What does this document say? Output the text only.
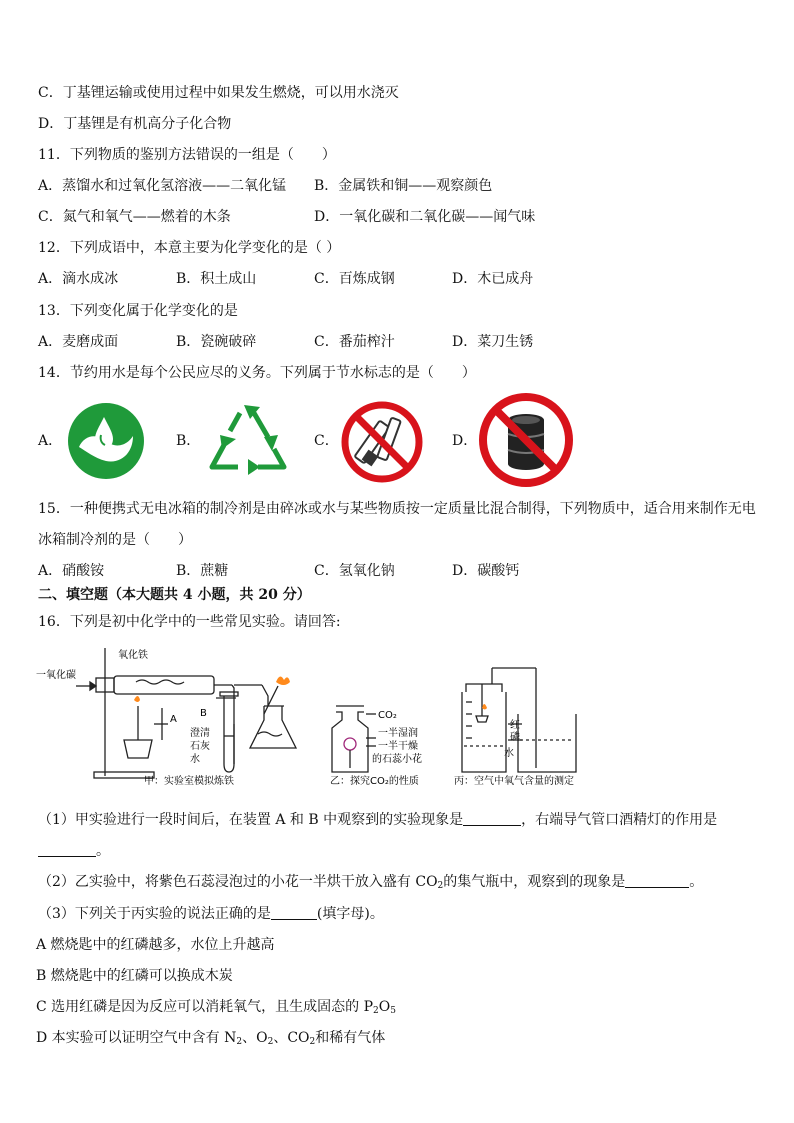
C．丁基锂运输或使用过程中如果发生燃烧，可以用水浇灭
D．丁基锂是有机高分子化合物
11．下列物质的鉴别方法错误的一组是（　　）
A．蒸馏水和过氧化氢溶液——二氧化锰 B．金属铁和铜——观察颜色
C．氮气和氧气——燃着的木条	D．一氧化碳和二氧化碳——闻气味
12．下列成语中，本意主要为化学变化的是（ ）
A．滴水成冰	B．积土成山	C．百炼成钢	D．木已成舟
13．下列变化属于化学变化的是
A．麦磨成面	B．瓷碗破碎	C．番茄榨汁	D．菜刀生锈
14．节约用水是每个公民应尽的义务。下列属于节水标志的是（　　）
A．	B．	C．	D．
15．一种便携式无电冰箱的制冷剂是由碎冰或水与某些物质按一定质量比混合制得，下列物质中，适合用来制作无电
冰箱制冷剂的是（　　）
A．硝酸铵	B．蔗糖	C．氢氧化钠	D．碳酸钙
二、填空题（本大题共 4 小题，共 20 分）
16．下列是初中化学中的一些常见实验。请回答:
一氧化碳
氧化铁
A
B
澄清
石灰
水
CO₂
一半湿润
一半干燥
的石蕊小花
红
磷
水
甲：实验室模拟炼铁	乙：探究CO₂的性质	丙：空气中氧气含量的测定
（1）甲实验进行一段时间后，在装置 A 和 B 中观察到的实验现象是	，右端导气管口酒精灯的作用是
。
（2）乙实验中，将紫色石蕊浸泡过的小花一半烘干放入盛有 $CO_2$的集气瓶中，观察到的现象是	。
（3）下列关于丙实验的说法正确的是	(填字母)。
A 燃烧匙中的红磷越多，水位上升越高
B 燃烧匙中的红磷可以换成木炭
C 选用红磷是因为反应可以消耗氧气，且生成固态的 $P_2O_5$
D 本实验可以证明空气中含有 $N_2$、$O_2$、$CO_2$和稀有气体
